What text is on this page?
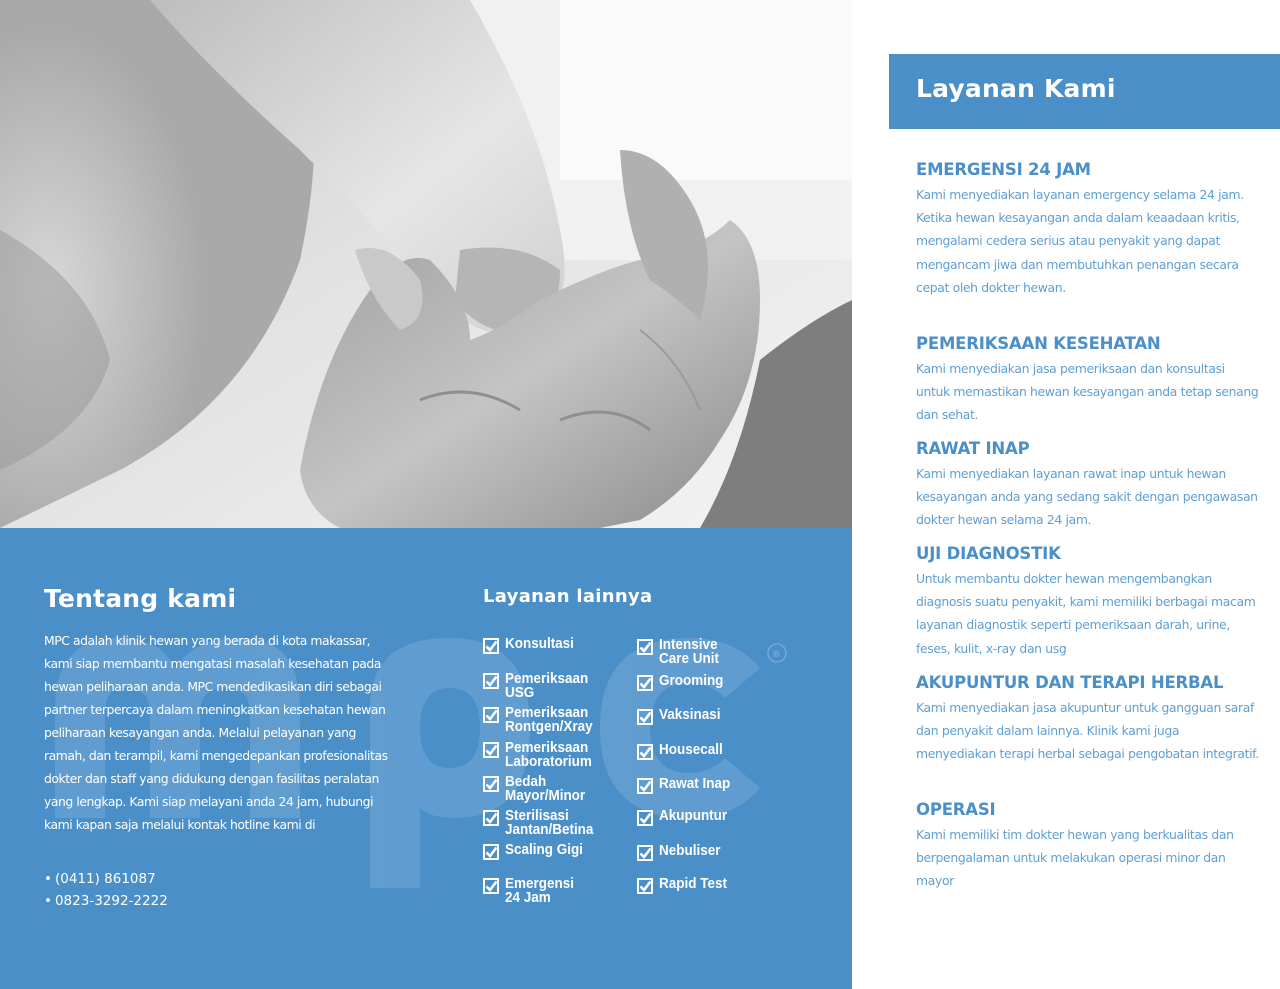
®
Tentang kami
MPC adalah klinik hewan yang berada di kota makassar, kami siap membantu mengatasi masalah kesehatan pada hewan peliharaan anda. MPC mendedikasikan diri sebagai partner terpercaya dalam meningkatkan kesehatan hewan peliharaan kesayangan anda. Melalui pelayanan yang ramah, dan terampil, kami mengedepankan profesionalitas dokter dan staff yang didukung dengan fasilitas peralatan yang lengkap. Kami siap melayani anda 24 jam, hubungi kami kapan saja melalui kontak hotline kami di
• (0411) 861087
• 0823-3292-2222
Layanan lainnya
Konsultasi
Pemeriksaan
USG
Pemeriksaan
Rontgen/Xray
Pemeriksaan
Laboratorium
Bedah
Mayor/Minor
Sterilisasi
Jantan/Betina
Scaling Gigi
Emergensi
24 Jam
Intensive
Care Unit
Grooming
Vaksinasi
Housecall
Rawat Inap
Akupuntur
Nebuliser
Rapid Test
Layanan Kami
EMERGENSI 24 JAM
Kami menyediakan layanan emergency selama 24 jam. Ketika hewan kesayangan anda dalam keaadaan kritis, mengalami cedera serius atau penyakit yang dapat mengancam jiwa dan membutuhkan penangan secara cepat oleh dokter hewan.
PEMERIKSAAN KESEHATAN
Kami menyediakan jasa pemeriksaan dan konsultasi untuk memastikan hewan kesayangan anda tetap senang dan sehat.
RAWAT INAP
Kami menyediakan layanan rawat inap untuk hewan kesayangan anda yang sedang sakit dengan pengawasan dokter hewan selama 24 jam.
UJI DIAGNOSTIK
Untuk membantu dokter hewan mengembangkan diagnosis suatu penyakit, kami memiliki berbagai macam layanan diagnostik seperti pemeriksaan darah, urine, feses, kulit, x-ray dan usg
AKUPUNTUR DAN TERAPI HERBAL
Kami menyediakan jasa akupuntur untuk gangguan saraf dan penyakit dalam lainnya. Klinik kami juga menyediakan terapi herbal sebagai pengobatan integratif.
OPERASI
Kami memiliki tim dokter hewan yang berkualitas dan berpengalaman untuk melakukan operasi minor dan mayor
